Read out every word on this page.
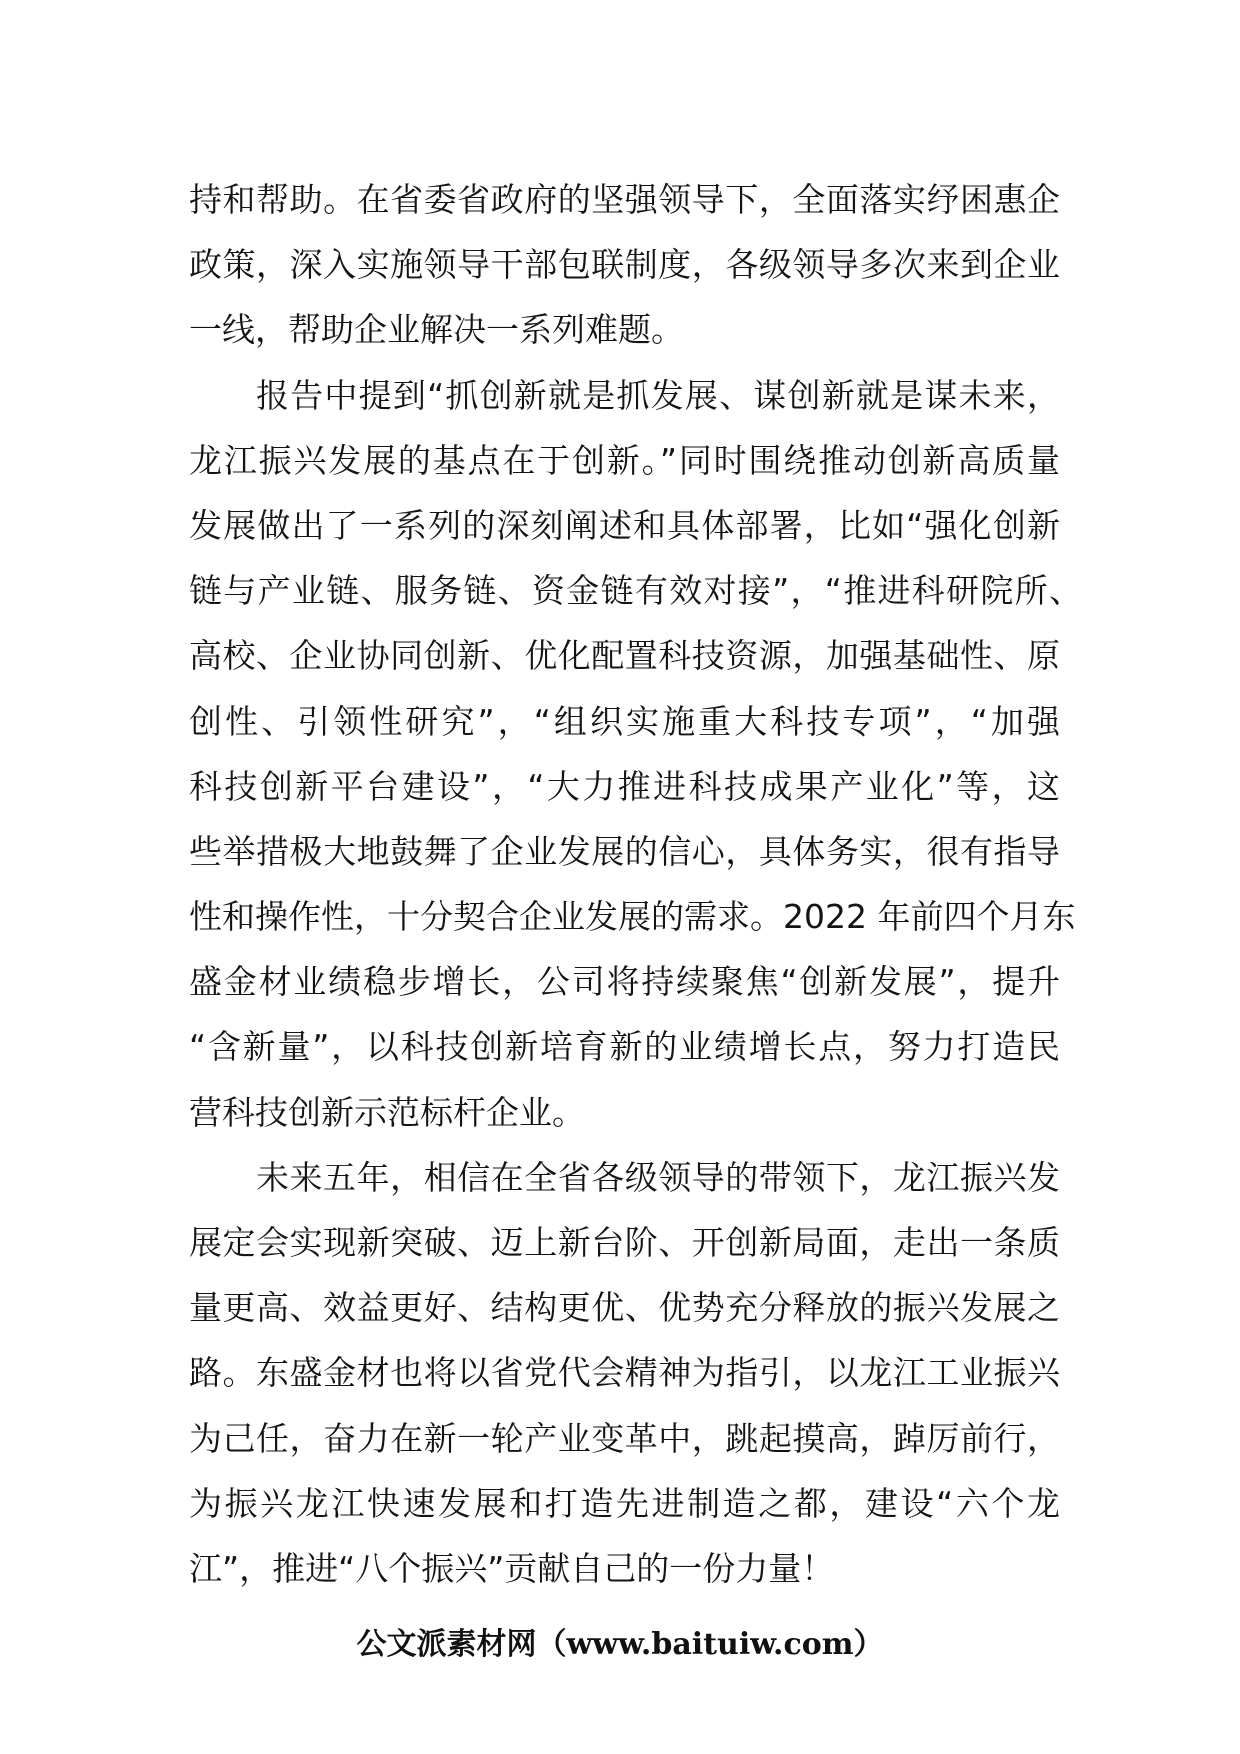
持和帮助。在省委省政府的坚强领导下，全面落实纾困惠企
政策，深入实施领导干部包联制度，各级领导多次来到企业
一线，帮助企业解决一系列难题。
报告中提到“抓创新就是抓发展、谋创新就是谋未来，
龙江振兴发展的基点在于创新。”同时围绕推动创新高质量
发展做出了一系列的深刻阐述和具体部署，比如“强化创新
链与产业链、服务链、资金链有效对接”，“推进科研院所、
高校、企业协同创新、优化配置科技资源，加强基础性、原
创性、引领性研究”，“组织实施重大科技专项”，“加强
科技创新平台建设”，“大力推进科技成果产业化”等，这
些举措极大地鼓舞了企业发展的信心，具体务实，很有指导
性和操作性，十分契合企业发展的需求。2022 年前四个月东
盛金材业绩稳步增长，公司将持续聚焦“创新发展”，提升
“含新量”，以科技创新培育新的业绩增长点，努力打造民
营科技创新示范标杆企业。
未来五年，相信在全省各级领导的带领下，龙江振兴发
展定会实现新突破、迈上新台阶、开创新局面，走出一条质
量更高、效益更好、结构更优、优势充分释放的振兴发展之
路。东盛金材也将以省党代会精神为指引，以龙江工业振兴
为己任，奋力在新一轮产业变革中，跳起摸高，踔厉前行，
为振兴龙江快速发展和打造先进制造之都，建设“六个龙
江”，推进“八个振兴”贡献自己的一份力量！
公文派素材网（www.baituiw.com）
